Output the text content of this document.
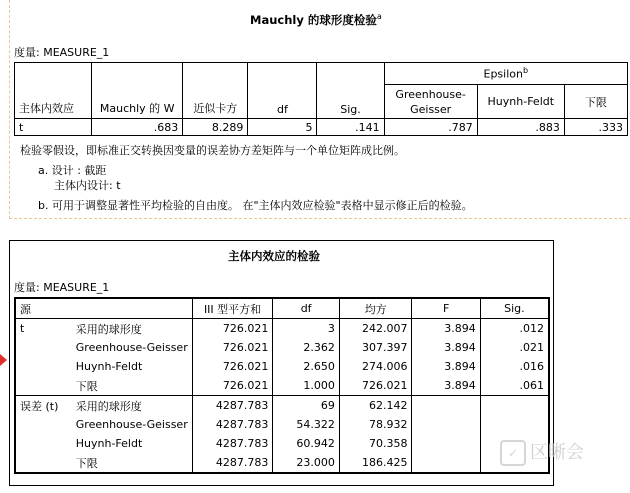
Mauchly 的球形度检验$^a$
度量: MEASURE_1
主体内效应	Mauchly 的 W	近似卡方	df	Sig.	Epsilon$^b$
					Greenhouse-Geisser	Huynh-Feldt	下限
t	.683	8.289	5	.141	.787	.883	.333
检验零假设，即标准正交转换因变量的误差协方差矩阵与一个单位矩阵成比例。
a. 设计 : 截距
主体内设计: t
b. 可用于调整显著性平均检验的自由度。 在"主体内效应检验"表格中显示修正后的检验。
主体内效应的检验
度量: MEASURE_1
源		III 型平方和	df	均方	F	Sig.
t	采用的球形度	726.021	3	242.007	3.894	.012
	Greenhouse-Geisser	726.021	2.362	307.397	3.894	.021
	Huynh-Feldt	726.021	2.650	274.006	3.894	.016
	下限	726.021	1.000	726.021	3.894	.061
误差 (t)	采用的球形度	4287.783	69	62.142		
	Greenhouse-Geisser	4287.783	54.322	78.932		
	Huynh-Feldt	4287.783	60.942	70.358		
	下限	4287.783	23.000	186.425		
✓ 区晰会
